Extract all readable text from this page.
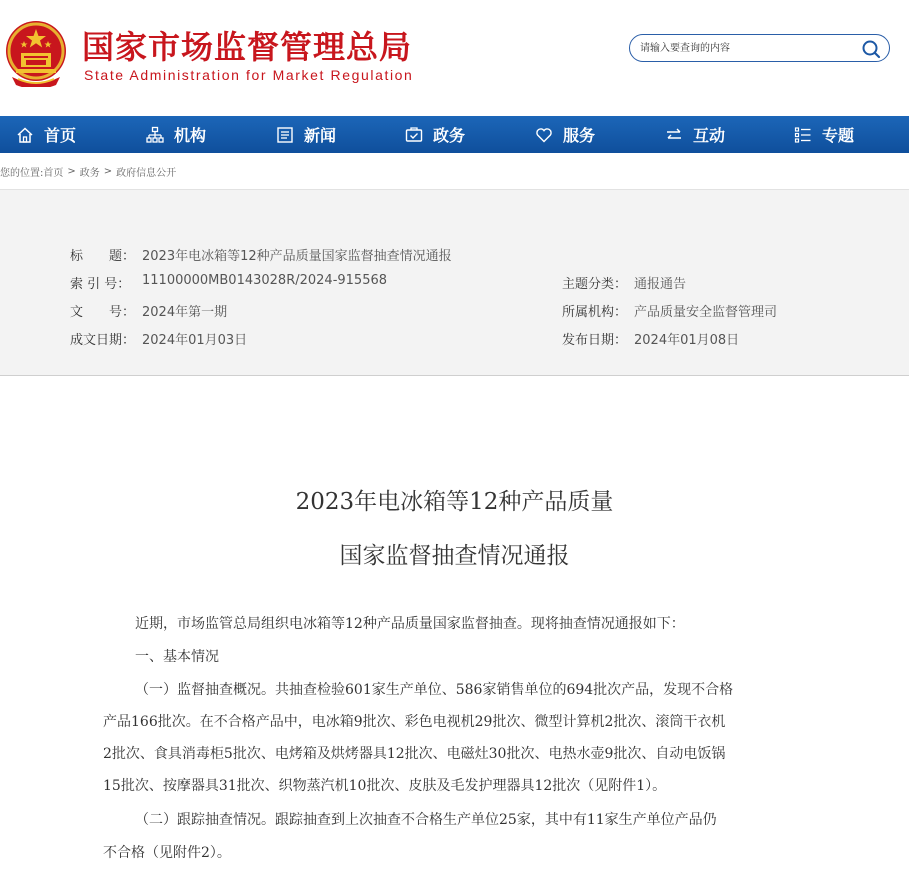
国家市场监督管理总局
State Administration for Market Regulation
请输入要查询的内容
首页	机构	新闻	政务	服务	互动	专题
您的位置: 首页 > 政务 > 政府信息公开
标　　题： 2023年电冰箱等12种产品质量国家监督抽查情况通报
索 引 号： 11100000MB0143028R/2024-915568	主题分类： 通报通告
文　　号： 2024年第一期	所属机构： 产品质量安全监督管理司
成文日期： 2024年01月03日	发布日期： 2024年01月08日
2023年电冰箱等12种产品质量
国家监督抽查情况通报
近期，市场监管总局组织电冰箱等12种产品质量国家监督抽查。现将抽查情况通报如下：
一、基本情况
（一）监督抽查概况。共抽查检验601家生产单位、586家销售单位的694批次产品，发现不合格
产品166批次。在不合格产品中，电冰箱9批次、彩色电视机29批次、微型计算机2批次、滚筒干衣机
2批次、食具消毒柜5批次、电烤箱及烘烤器具12批次、电磁灶30批次、电热水壶9批次、自动电饭锅
15批次、按摩器具31批次、织物蒸汽机10批次、皮肤及毛发护理器具12批次（见附件1）。
（二）跟踪抽查情况。跟踪抽查到上次抽查不合格生产单位25家，其中有11家生产单位产品仍
不合格（见附件2）。
